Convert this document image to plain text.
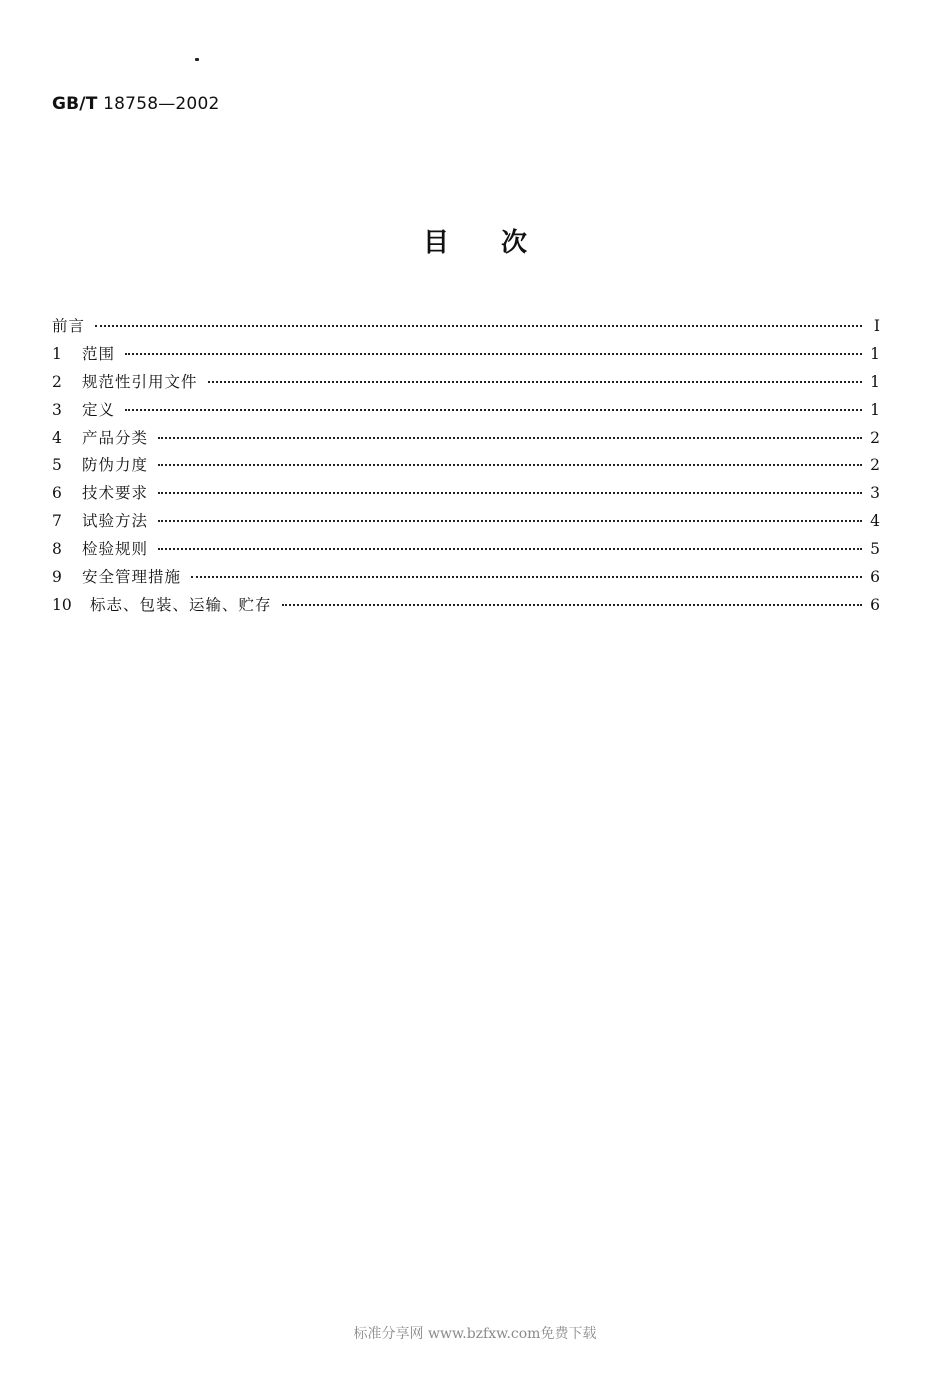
GB/T 18758—2002
目次
前言	I
1	范围	1
2	规范性引用文件	1
3	定义	1
4	产品分类	2
5	防伪力度	2
6	技术要求	3
7	试验方法	4
8	检验规则	5
9	安全管理措施	6
10	标志、包装、运输、贮存	6
标准分享网 www.bzfxw.com免费下载
